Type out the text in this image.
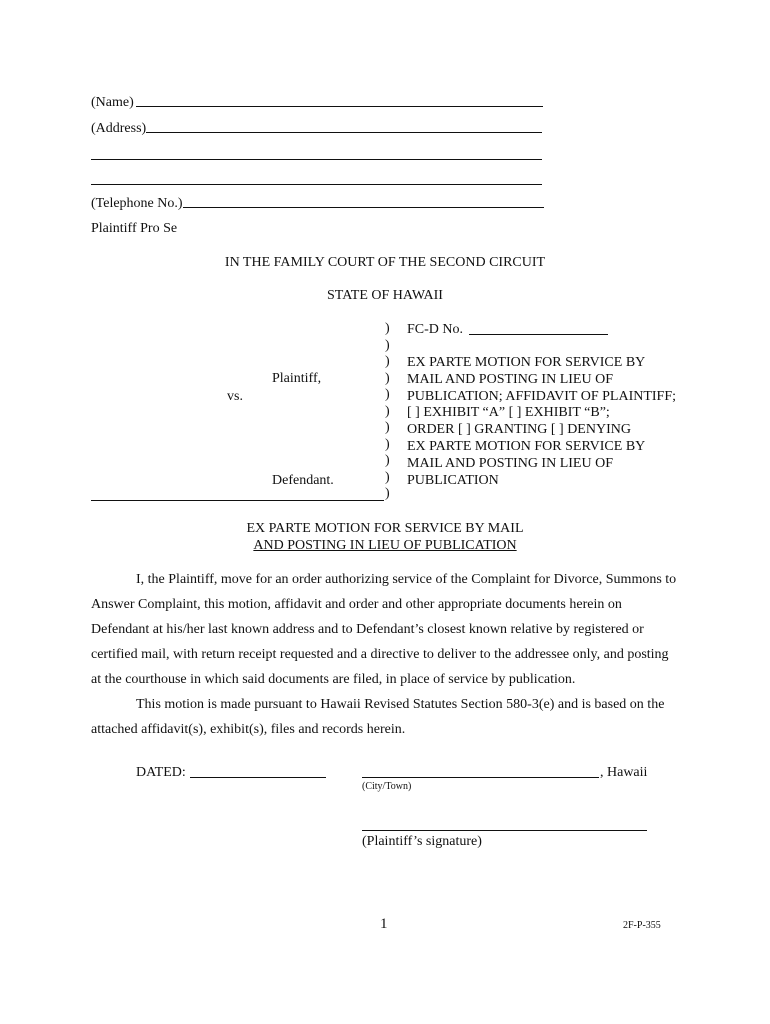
(Name)
(Address)
(Telephone No.)
Plaintiff Pro Se
IN THE FAMILY COURT OF THE SECOND CIRCUIT
STATE OF HAWAII
Plaintiff,
vs.
Defendant.
)
)
)
)
)
)
)
)
)
)
)
FC-D No.
EX PARTE MOTION FOR SERVICE BY
MAIL AND POSTING IN LIEU OF
PUBLICATION; AFFIDAVIT OF PLAINTIFF;
[ ] EXHIBIT “A” [ ] EXHIBIT “B”;
ORDER [ ] GRANTING [ ] DENYING
EX PARTE MOTION FOR SERVICE BY
MAIL AND POSTING IN LIEU OF
PUBLICATION
EX PARTE MOTION FOR SERVICE BY MAIL
AND POSTING IN LIEU OF PUBLICATION
I, the Plaintiff, move for an order authorizing service of the Complaint for Divorce, Summons to
Answer Complaint, this motion, affidavit and order and other appropriate documents herein on
Defendant at his/her last known address and to Defendant’s closest known relative by registered or
certified mail, with return receipt requested and a directive to deliver to the addressee only, and posting
at the courthouse in which said documents are filed, in place of service by publication.
This motion is made pursuant to Hawaii Revised Statutes Section 580-3(e) and is based on the
attached affidavit(s), exhibit(s), files and records herein.
DATED:	, Hawaii
(City/Town)
(Plaintiff’s signature)
1	2F-P-355
